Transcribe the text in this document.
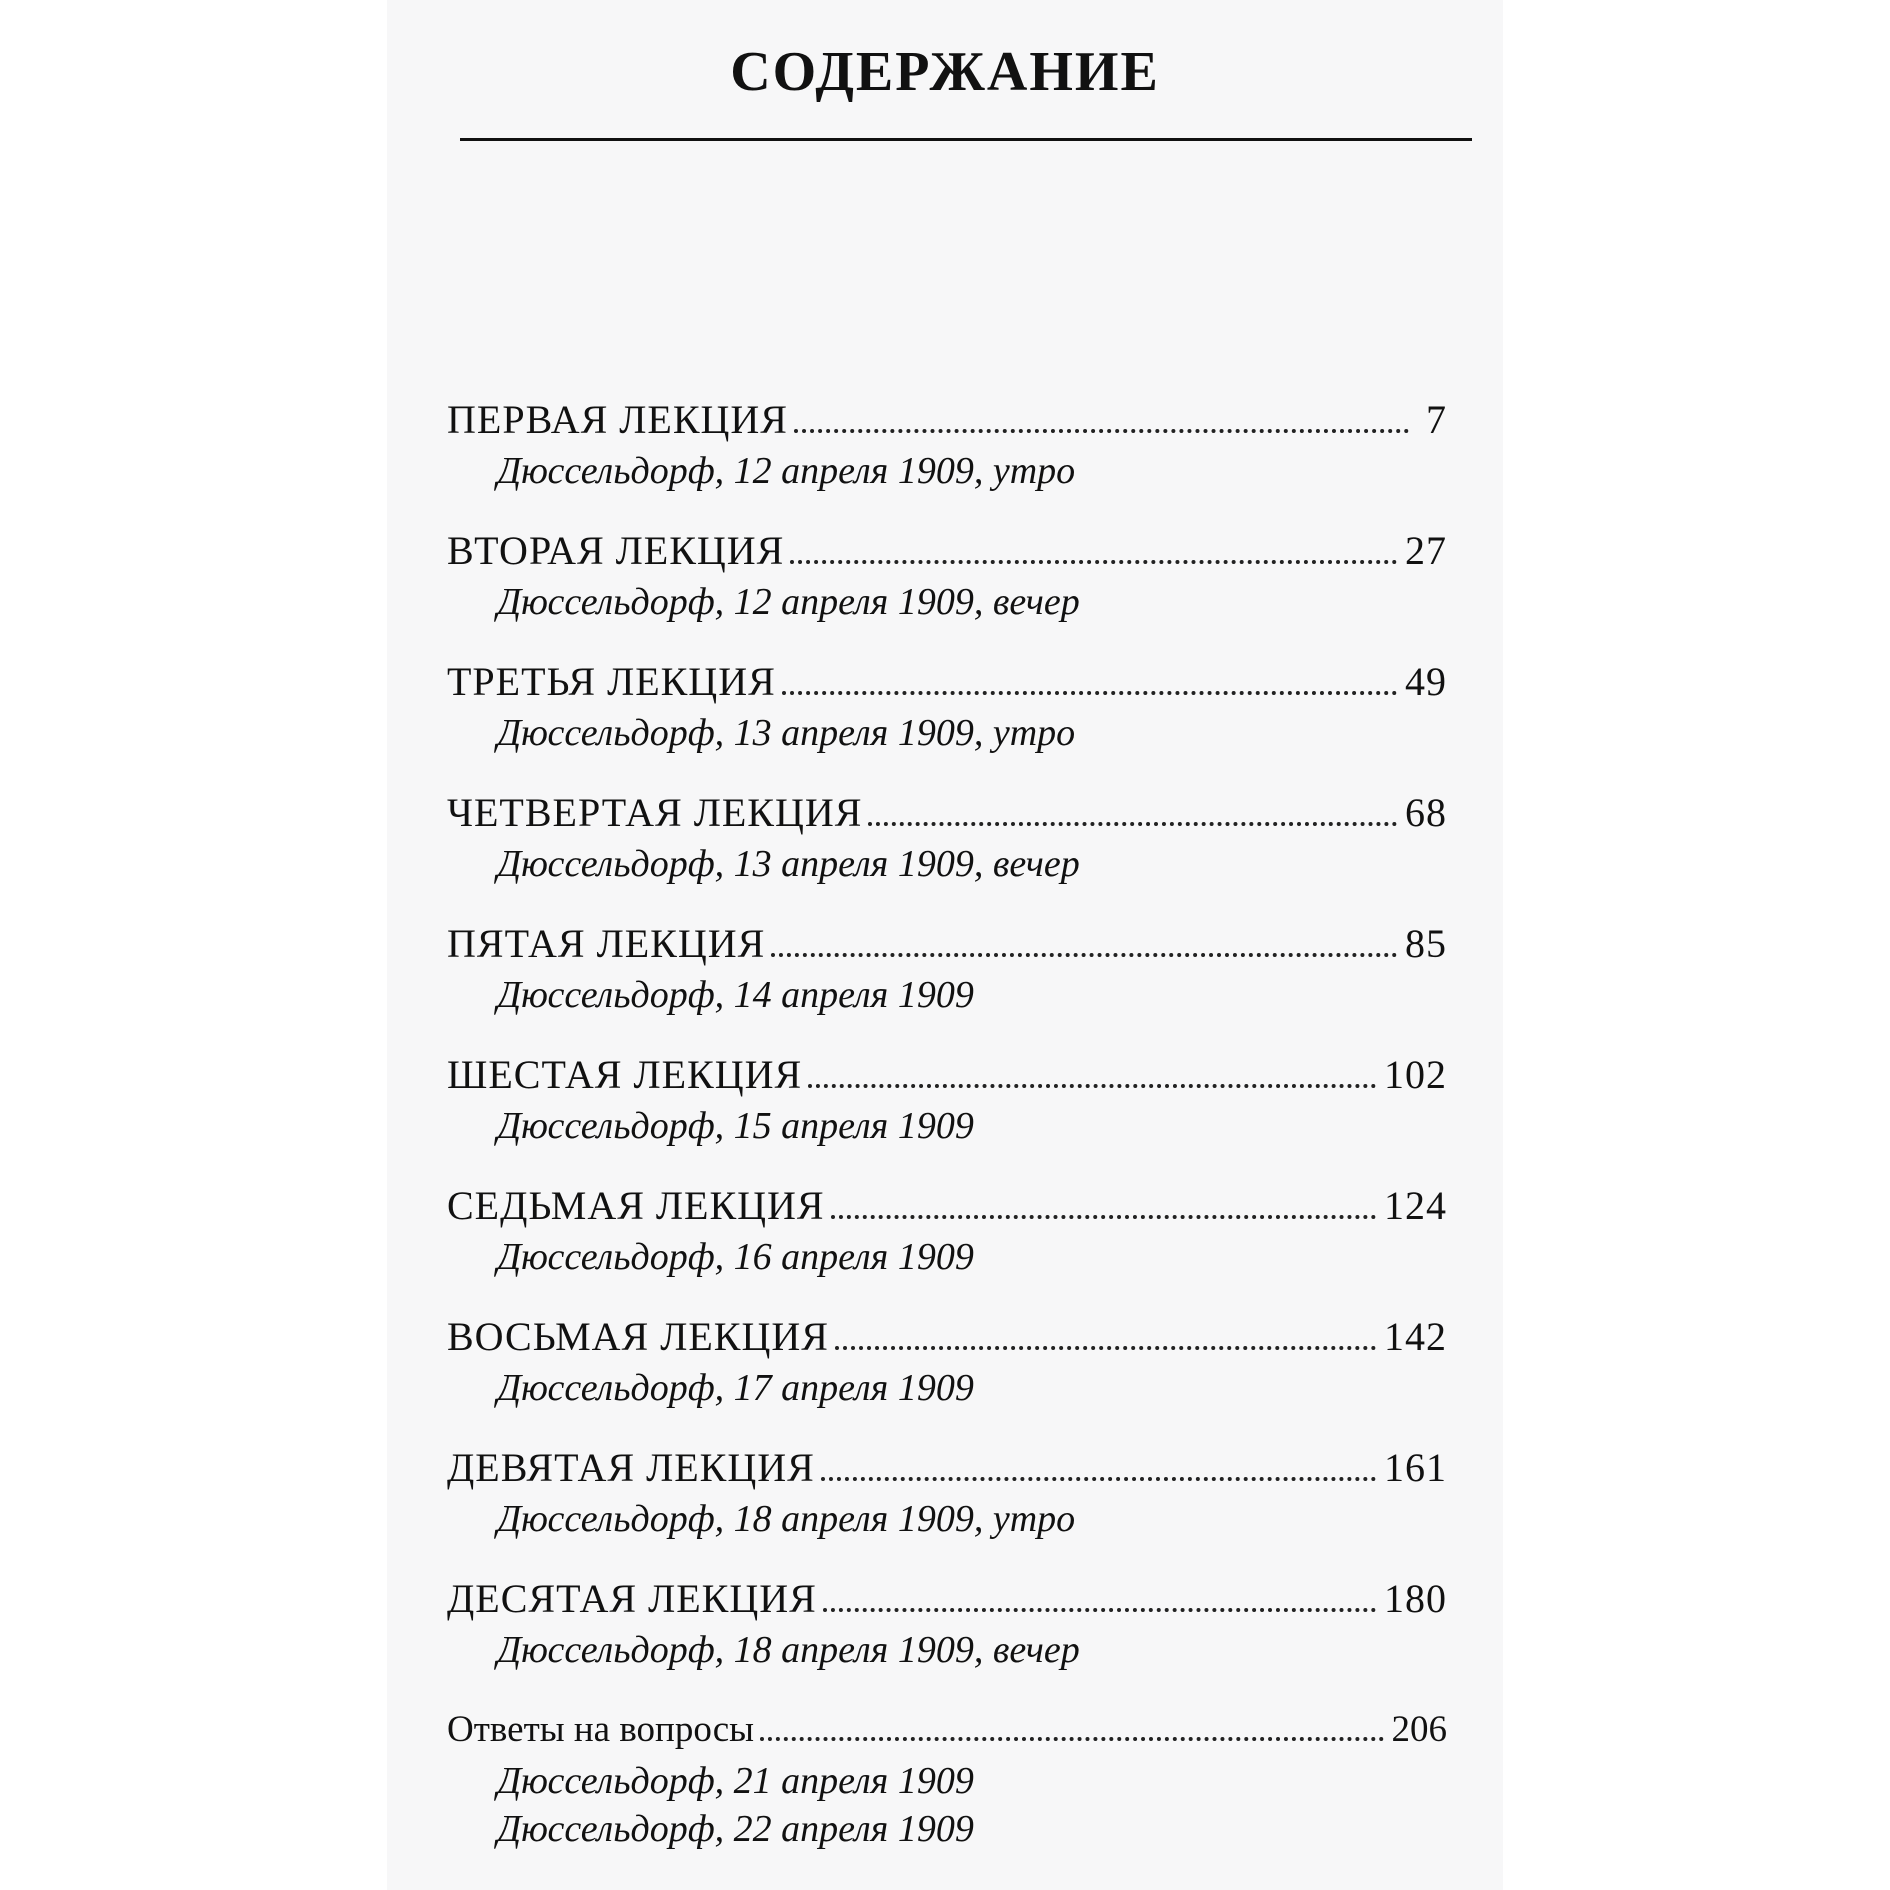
СОДЕРЖАНИЕ
ПЕРВАЯ ЛЕКЦИЯ	7
Дюссельдорф, 12 апреля 1909, утро
ВТОРАЯ ЛЕКЦИЯ	27
Дюссельдорф, 12 апреля 1909, вечер
ТРЕТЬЯ ЛЕКЦИЯ	49
Дюссельдорф, 13 апреля 1909, утро
ЧЕТВЕРТАЯ ЛЕКЦИЯ	68
Дюссельдорф, 13 апреля 1909, вечер
ПЯТАЯ ЛЕКЦИЯ	85
Дюссельдорф, 14 апреля 1909
ШЕСТАЯ ЛЕКЦИЯ	102
Дюссельдорф, 15 апреля 1909
СЕДЬМАЯ ЛЕКЦИЯ	124
Дюссельдорф, 16 апреля 1909
ВОСЬМАЯ ЛЕКЦИЯ	142
Дюссельдорф, 17 апреля 1909
ДЕВЯТАЯ ЛЕКЦИЯ	161
Дюссельдорф, 18 апреля 1909, утро
ДЕСЯТАЯ ЛЕКЦИЯ	180
Дюссельдорф, 18 апреля 1909, вечер
Ответы на вопросы	206
Дюссельдорф, 21 апреля 1909
Дюссельдорф, 22 апреля 1909
